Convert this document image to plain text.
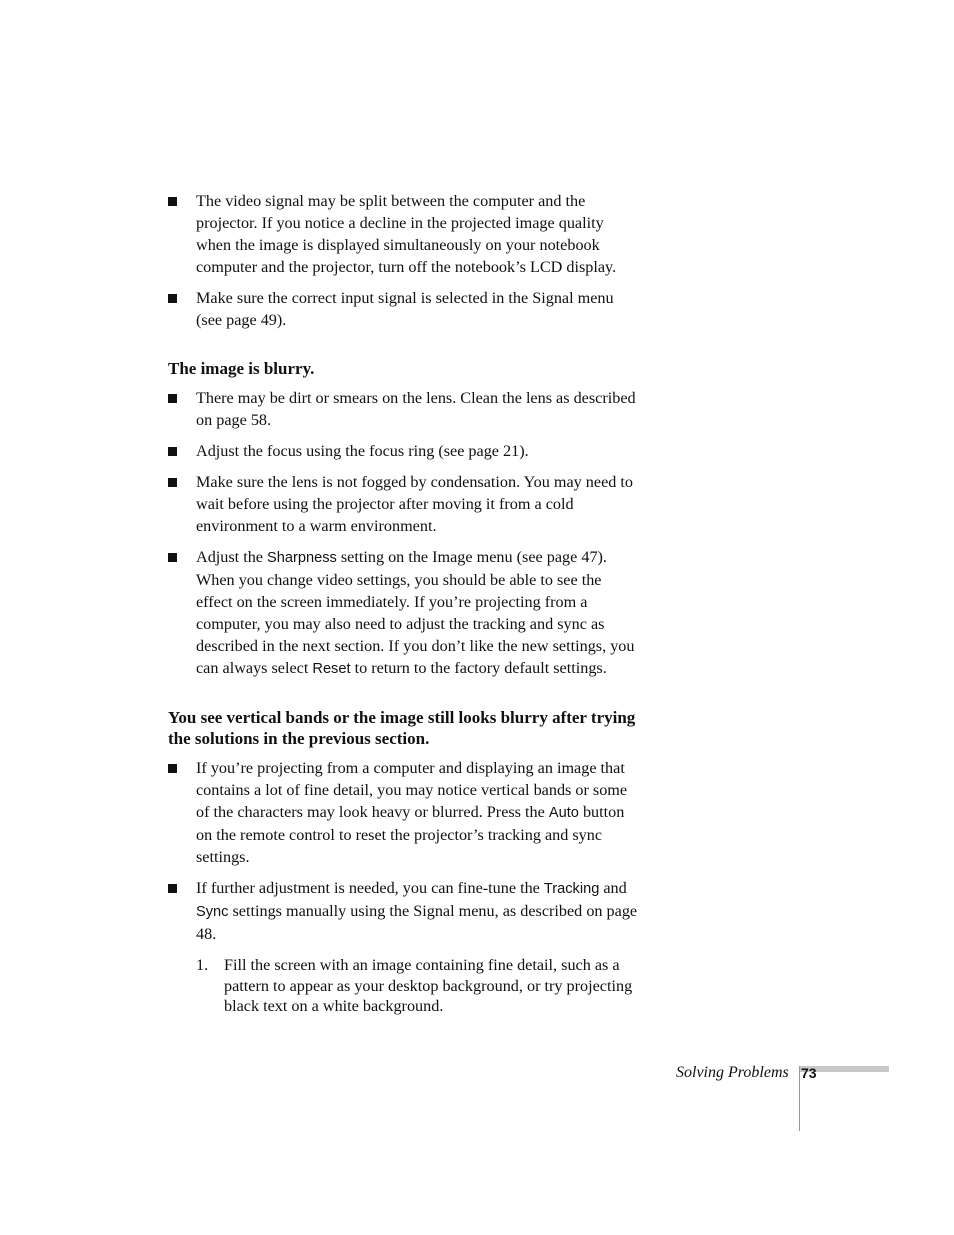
The video signal may be split between the computer and the projector. If you notice a decline in the projected image quality when the image is displayed simultaneously on your notebook computer and the projector, turn off the notebook’s LCD display.
Make sure the correct input signal is selected in the Signal menu (see page 49).
The image is blurry.
There may be dirt or smears on the lens. Clean the lens as described on page 58.
Adjust the focus using the focus ring (see page 21).
Make sure the lens is not fogged by condensation. You may need to wait before using the projector after moving it from a cold environment to a warm environment.
Adjust the Sharpness setting on the Image menu (see page 47). When you change video settings, you should be able to see the effect on the screen immediately. If you’re projecting from a computer, you may also need to adjust the tracking and sync as described in the next section. If you don’t like the new settings, you can always select Reset to return to the factory default settings.
You see vertical bands or the image still looks blurry after trying the solutions in the previous section.
If you’re projecting from a computer and displaying an image that contains a lot of fine detail, you may notice vertical bands or some of the characters may look heavy or blurred. Press the Auto button on the remote control to reset the projector’s tracking and sync settings.
If further adjustment is needed, you can fine-tune the Tracking and Sync settings manually using the Signal menu, as described on page 48.
1. Fill the screen with an image containing fine detail, such as a pattern to appear as your desktop background, or try projecting black text on a white background.
Solving Problems 73
